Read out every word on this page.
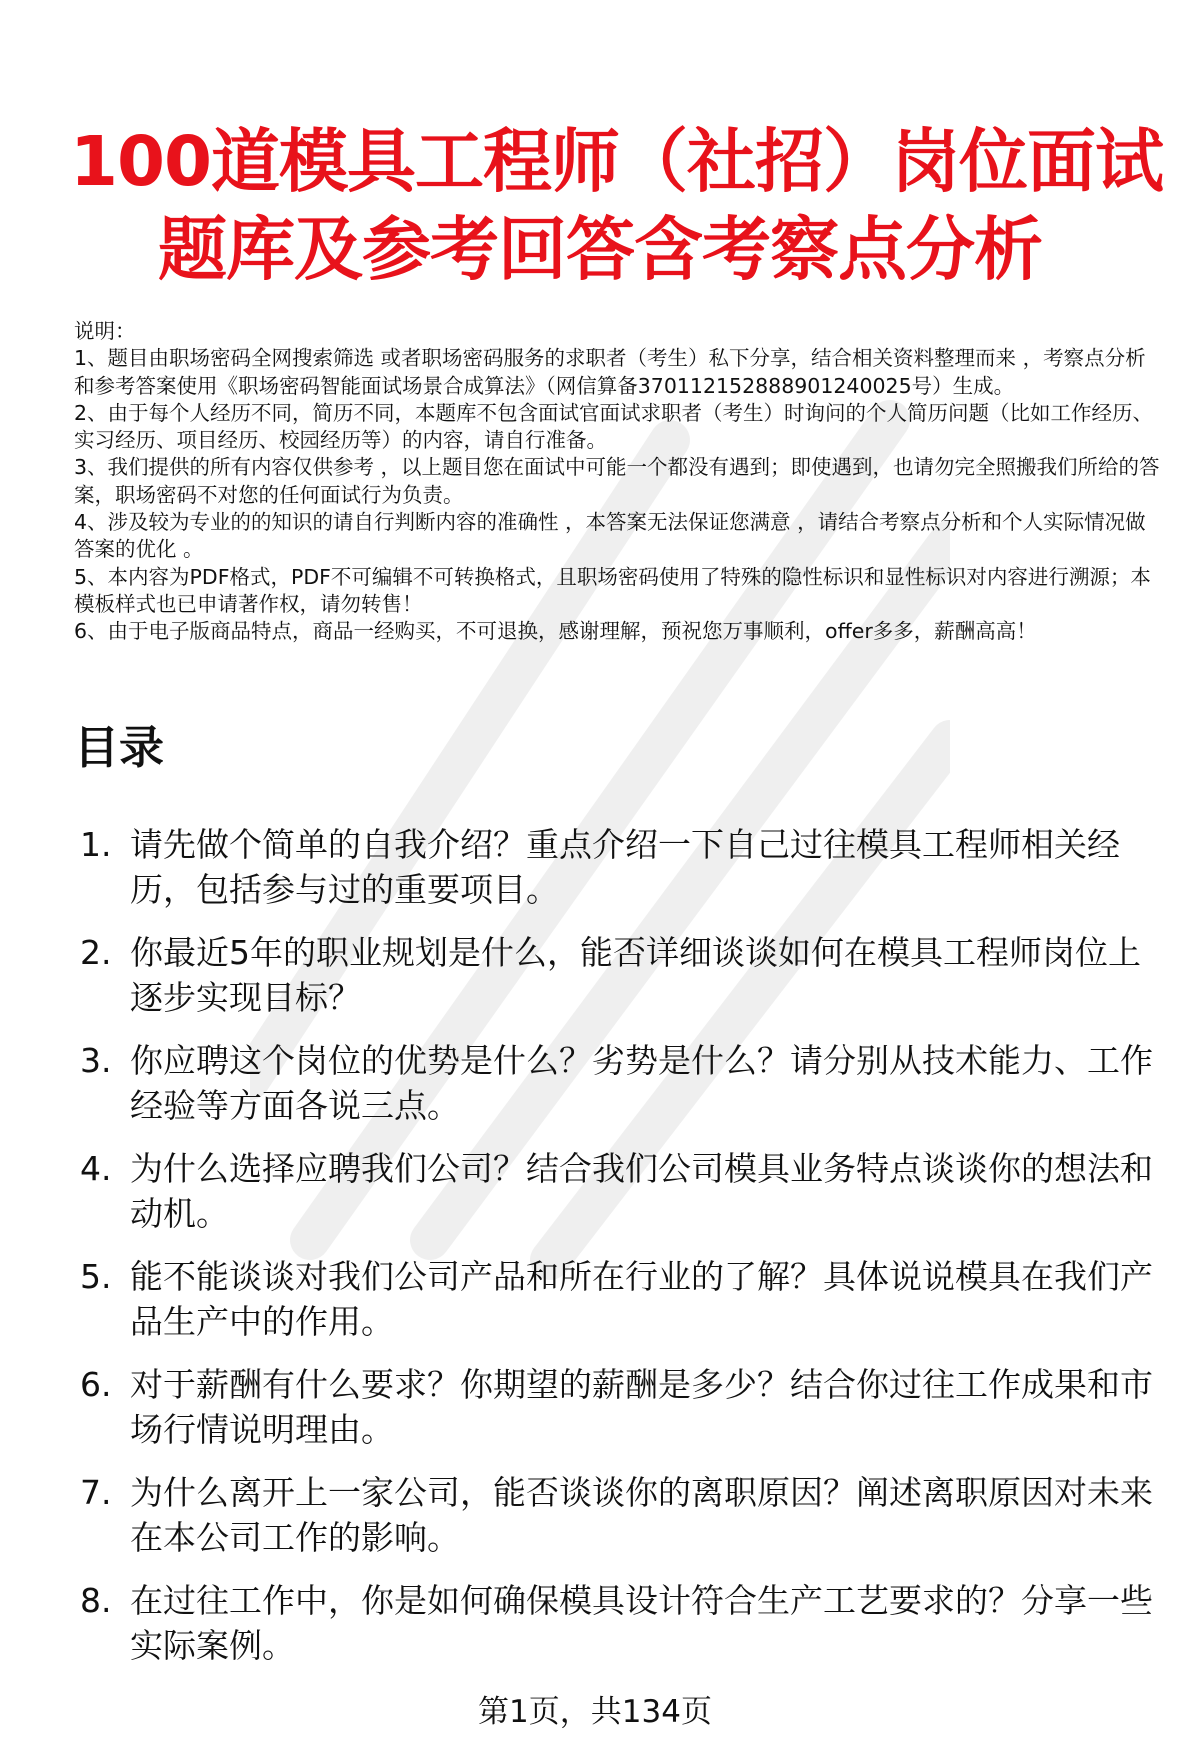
100道模具工程师（社招）岗位面试
题库及参考回答含考察点分析
说明：
1、题目由职场密码全网搜索筛选 或者职场密码服务的求职者（考生）私下分享，结合相关资料整理而来 ，考察点分析和参考答案使用《职场密码智能面试场景合成算法》（网信算备370112152888901240025号）生成。
2、由于每个人经历不同，简历不同，本题库不包含面试官面试求职者（考生）时询问的个人简历问题（比如工作经历、实习经历、项目经历、校园经历等）的内容，请自行准备。
3、我们提供的所有内容仅供参考 ，以上题目您在面试中可能一个都没有遇到；即使遇到，也请勿完全照搬我们所给的答案，职场密码不对您的任何面试行为负责。
4、涉及较为专业的的知识的请自行判断内容的准确性 ，本答案无法保证您满意 ，请结合考察点分析和个人实际情况做答案的优化 。
5、本内容为PDF格式，PDF不可编辑不可转换格式，且职场密码使用了特殊的隐性标识和显性标识对内容进行溯源；本模板样式也已申请著作权，请勿转售！
6、由于电子版商品特点，商品一经购买，不可退换，感谢理解，预祝您万事顺利，offer多多，薪酬高高！
目录
1. 请先做个简单的自我介绍？重点介绍一下自己过往模具工程师相关经历，包括参与过的重要项目。
2. 你最近5年的职业规划是什么，能否详细谈谈如何在模具工程师岗位上逐步实现目标？
3. 你应聘这个岗位的优势是什么？劣势是什么？请分别从技术能力、工作经验等方面各说三点。
4. 为什么选择应聘我们公司？结合我们公司模具业务特点谈谈你的想法和动机。
5. 能不能谈谈对我们公司产品和所在行业的了解？具体说说模具在我们产品生产中的作用。
6. 对于薪酬有什么要求？你期望的薪酬是多少？结合你过往工作成果和市场行情说明理由。
7. 为什么离开上一家公司，能否谈谈你的离职原因？阐述离职原因对未来在本公司工作的影响。
8. 在过往工作中，你是如何确保模具设计符合生产工艺要求的？分享一些实际案例。
第1页，共134页
